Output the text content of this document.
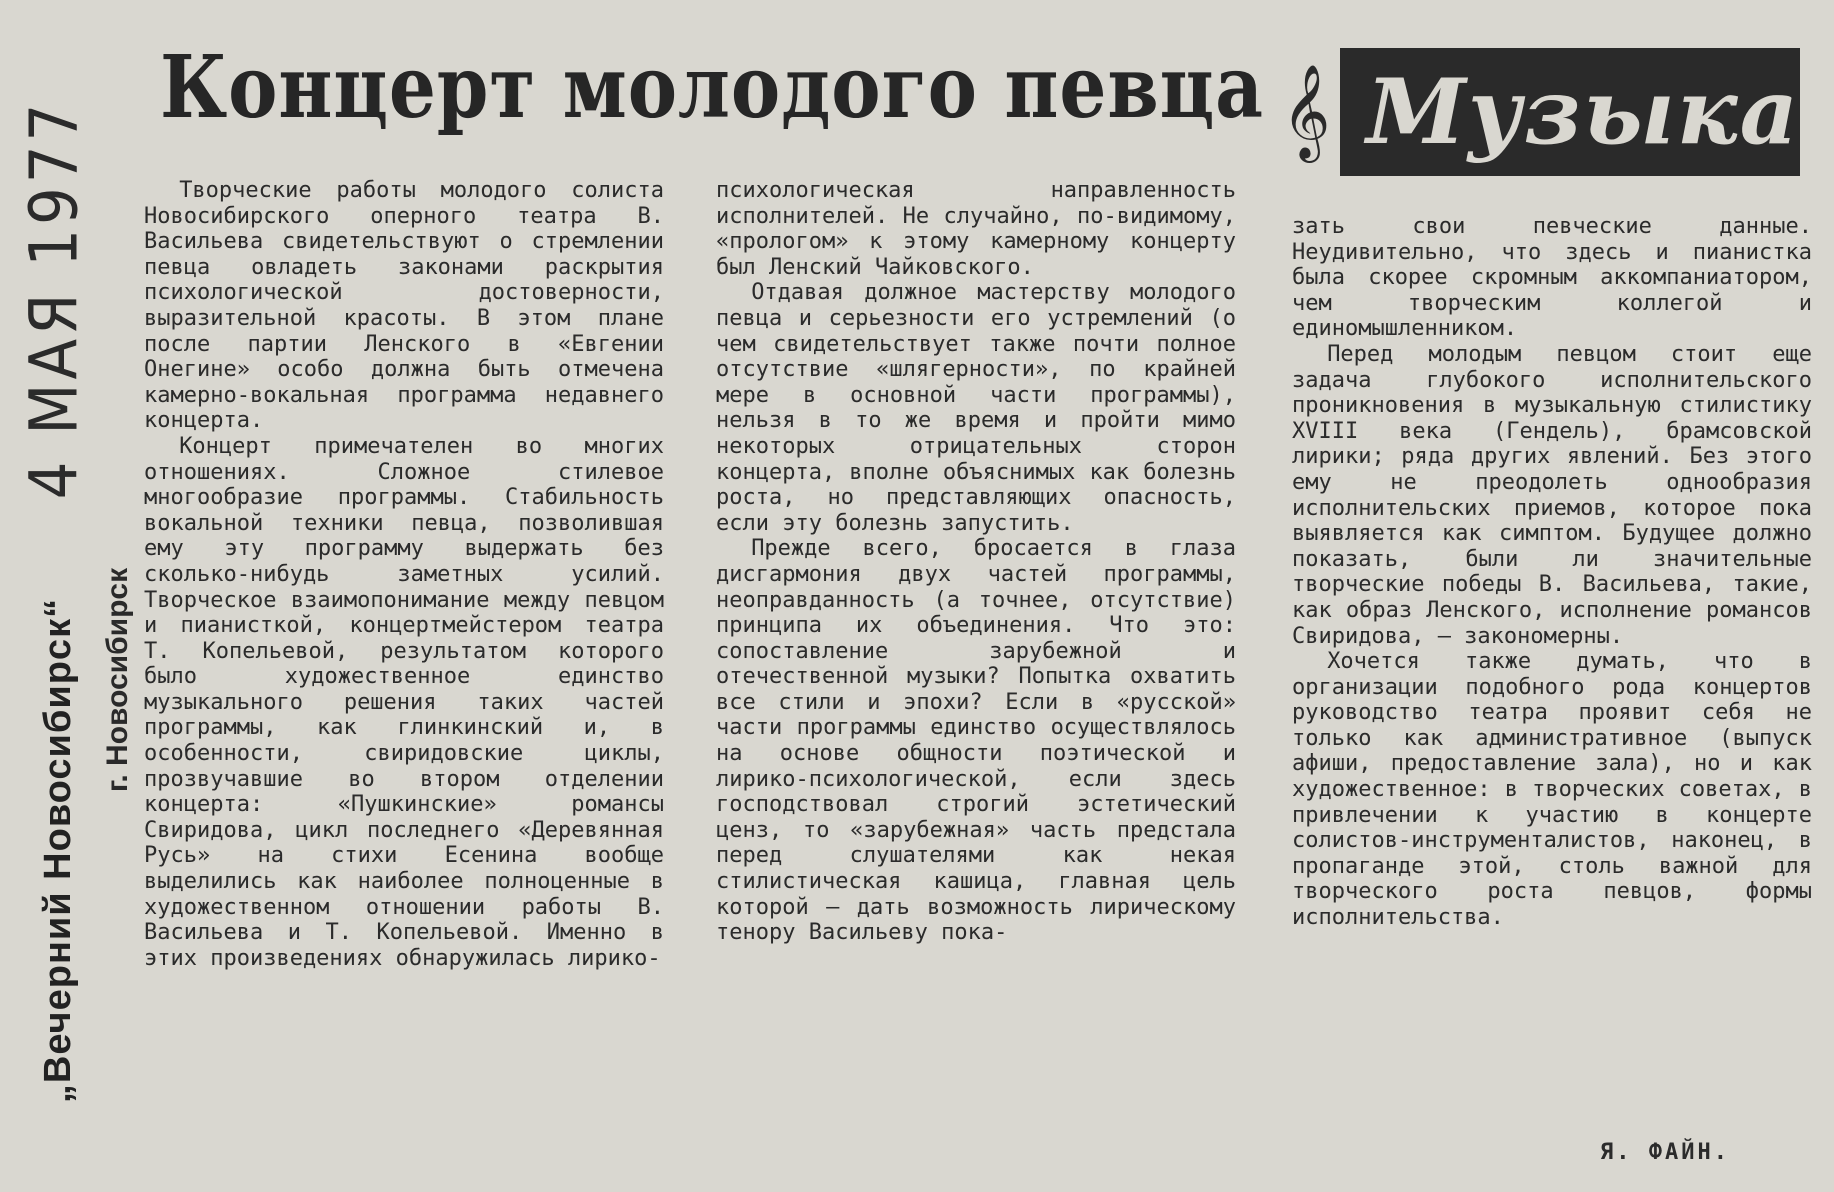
4 МАЯ 1977
„Вечерний Новосибирск“ г. Новосибирск
Концерт молодого певца 𝄞 Музыка

Творческие работы молодого солиста Новосибирского оперного театра В. Васильева свидетельствуют о стремлении певца овладеть законами раскрытия психологической достоверности, выразительной красоты. В этом плане после партии Ленского в «Евгении Онегине» особо должна быть отмечена камерно-вокальная программа недавнего концерта.

Концерт примечателен во многих отношениях. Сложное стилевое многообразие программы. Стабильность вокальной техники певца, позволившая ему эту программу выдержать без сколько-нибудь заметных усилий. Творческое взаимопонимание между певцом и пианисткой, концертмейстером театра Т. Копельевой, результатом которого было художественное единство музыкального решения таких частей программы, как глинкинский и, в особенности, свиридовские циклы, прозвучавшие во втором отделении концерта: «Пушкинские» романсы Свиридова, цикл последнего «Деревянная Русь» на стихи Есенина вообще выделились как наиболее полноценные в художественном отношении работы В. Васильева и Т. Копельевой. Именно в этих произведениях обнаружилась лирико-

психологическая направленность исполнителей. Не случайно, по-видимому, «прологом» к этому камерному концерту был Ленский Чайковского.

Отдавая должное мастерству молодого певца и серьезности его устремлений (о чем свидетельствует также почти полное отсутствие «шлягерности», по крайней мере в основной части программы), нельзя в то же время и пройти мимо некоторых отрицательных сторон концерта, вполне объяснимых как болезнь роста, но представляющих опасность, если эту болезнь запустить.

Прежде всего, бросается в глаза дисгармония двух частей программы, неоправданность (а точнее, отсутствие) принципа их объединения. Что это: сопоставление зарубежной и отечественной музыки? Попытка охватить все стили и эпохи? Если в «русской» части программы единство осуществлялось на основе общности поэтической и лирико-психологической, если здесь господствовал строгий эстетический ценз, то «зарубежная» часть предстала перед слушателями как некая стилистическая кашица, главная цель которой — дать возможность лирическому тенору Васильеву пока-

зать свои певческие данные. Неудивительно, что здесь и пианистка была скорее скромным аккомпаниатором, чем творческим коллегой и единомышленником.

Перед молодым певцом стоит еще задача глубокого исполнительского проникновения в музыкальную стилистику XVIII века (Гендель), брамсовской лирики; ряда других явлений. Без этого ему не преодолеть однообразия исполнительских приемов, которое пока выявляется как симптом. Будущее должно показать, были ли значительные творческие победы В. Васильева, такие, как образ Ленского, исполнение романсов Свиридова, — закономерны.

Хочется также думать, что в организации подобного рода концертов руководство театра проявит себя не только как административное (выпуск афиши, предоставление зала), но и как художественное: в творческих советах, в привлечении к участию в концерте солистов-инструменталистов, наконец, в пропаганде этой, столь важной для творческого роста певцов, формы исполнительства.

Я. ФАЙН.
